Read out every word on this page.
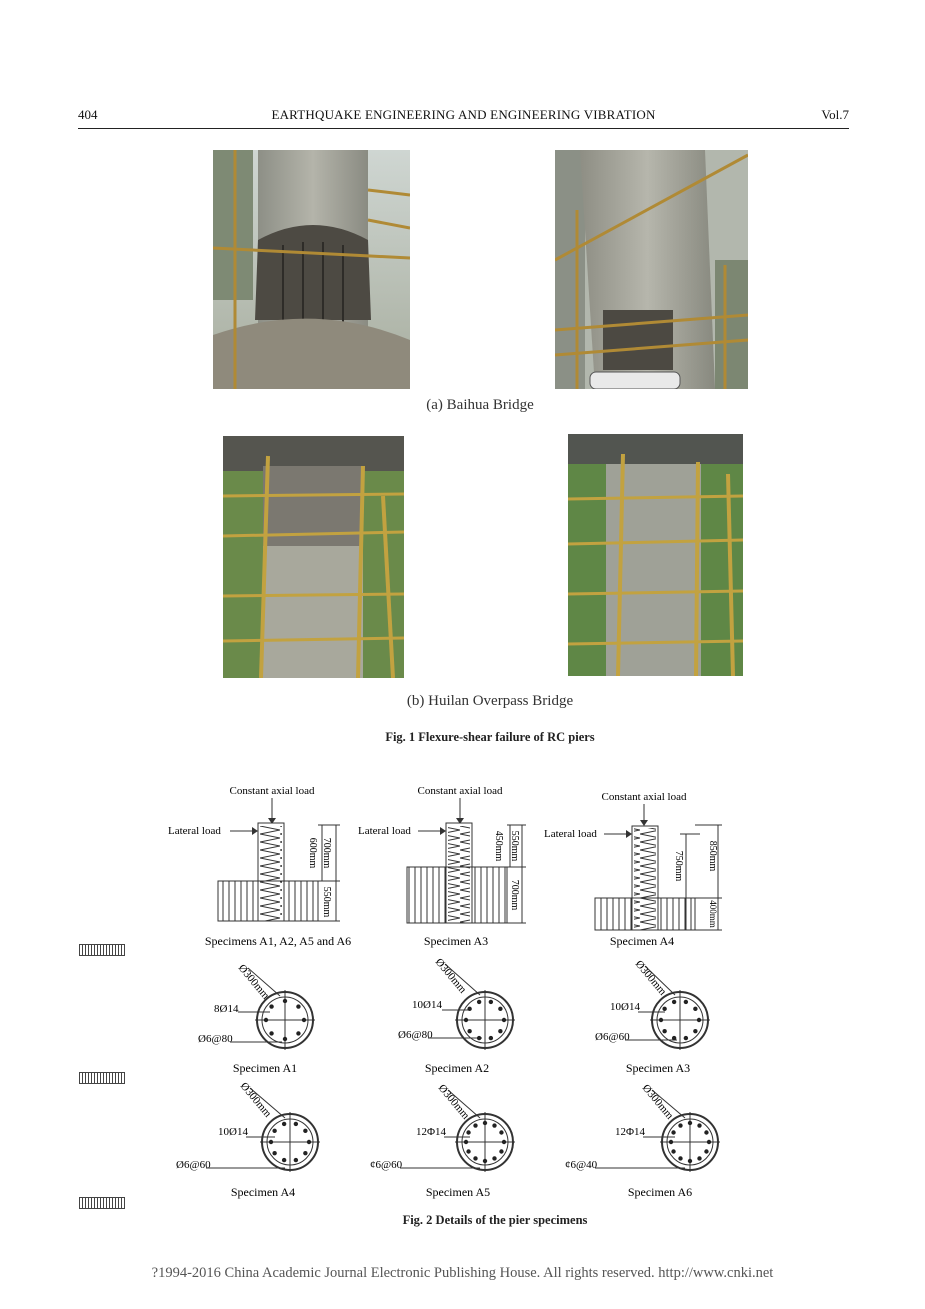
404	EARTHQUAKE ENGINEERING AND ENGINEERING VIBRATION	Vol.7
(a) Baihua Bridge
(b) Huilan Overpass Bridge
Fig. 1 Flexure-shear failure of RC piers
Constant axial load
Lateral load
600mm 700mm
550mm
Specimens A1, A2, A5 and A6
Constant axial load
Lateral load	450mm 550mm
700mm
Specimen A3
Constant axial load
Lateral load
750mm 850mm
400mm
Specimen A4
Ø300mm
8Ø14
Ø6@80
Specimen A1
Ø300mm
10Ø14
Ø6@80
Specimen A2
Ø300mm
10Ø14
Ø6@60
Specimen A3
Ø300mm
10Ø14
Ø6@60
Specimen A4
Ø300mm
12Φ14
¢6@60
Specimen A5
Ø300mm
12Φ14
¢6@40
Specimen A6
Fig. 2 Details of the pier specimens
?1994-2016 China Academic Journal Electronic Publishing House. All rights reserved. http://www.cnki.net
